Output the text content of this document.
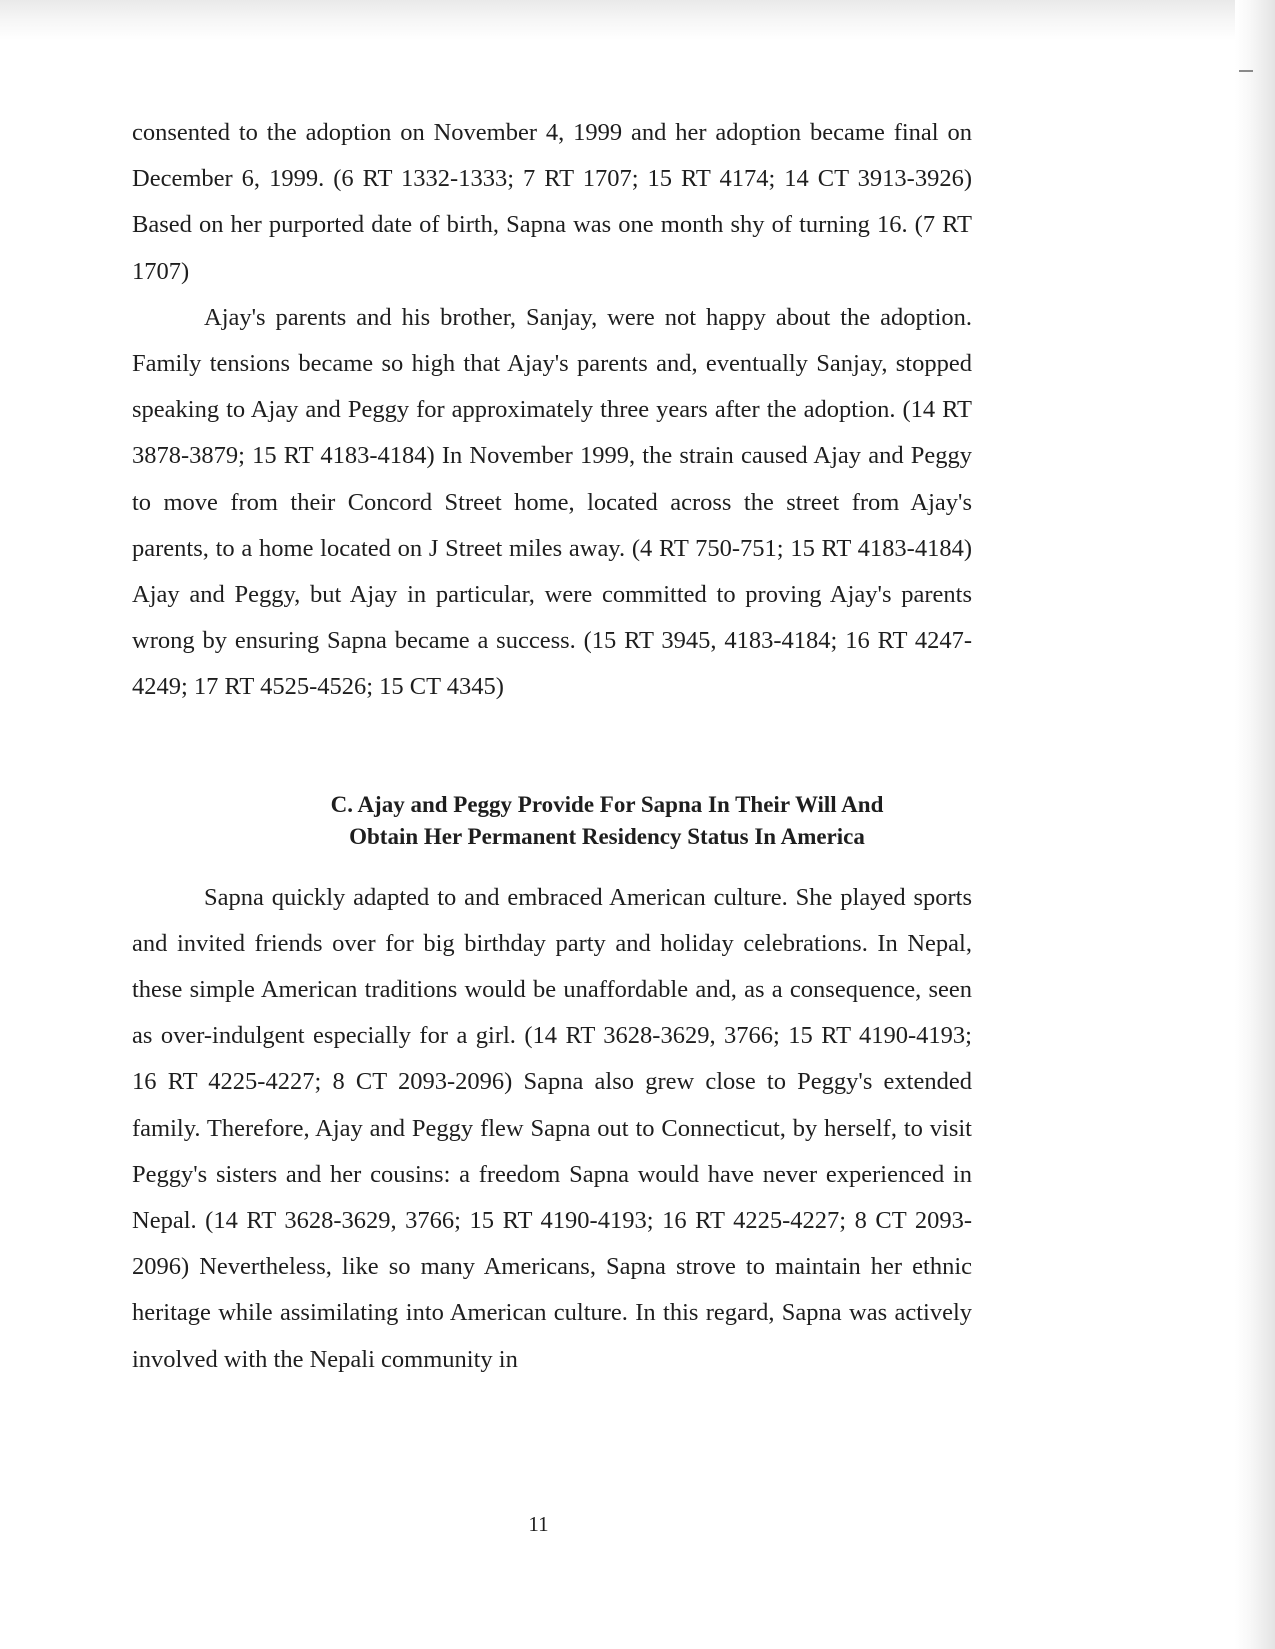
consented to the adoption on November 4, 1999 and her adoption became final on December 6, 1999. (6 RT 1332-1333; 7 RT 1707; 15 RT 4174; 14 CT 3913-3926) Based on her purported date of birth, Sapna was one month shy of turning 16. (7 RT 1707)

Ajay's parents and his brother, Sanjay, were not happy about the adoption. Family tensions became so high that Ajay's parents and, eventually Sanjay, stopped speaking to Ajay and Peggy for approximately three years after the adoption. (14 RT 3878-3879; 15 RT 4183-4184) In November 1999, the strain caused Ajay and Peggy to move from their Concord Street home, located across the street from Ajay's parents, to a home located on J Street miles away. (4 RT 750-751; 15 RT 4183-4184) Ajay and Peggy, but Ajay in particular, were committed to proving Ajay's parents wrong by ensuring Sapna became a success. (15 RT 3945, 4183-4184; 16 RT 4247-4249; 17 RT 4525-4526; 15 CT 4345)

C. Ajay and Peggy Provide For Sapna In Their Will And
Obtain Her Permanent Residency Status In America

Sapna quickly adapted to and embraced American culture. She played sports and invited friends over for big birthday party and holiday celebrations. In Nepal, these simple American traditions would be unaffordable and, as a consequence, seen as over-indulgent especially for a girl. (14 RT 3628-3629, 3766; 15 RT 4190-4193; 16 RT 4225-4227; 8 CT 2093-2096) Sapna also grew close to Peggy's extended family. Therefore, Ajay and Peggy flew Sapna out to Connecticut, by herself, to visit Peggy's sisters and her cousins: a freedom Sapna would have never experienced in Nepal. (14 RT 3628-3629, 3766; 15 RT 4190-4193; 16 RT 4225-4227; 8 CT 2093-2096) Nevertheless, like so many Americans, Sapna strove to maintain her ethnic heritage while assimilating into American culture. In this regard, Sapna was actively involved with the Nepali community in

11
